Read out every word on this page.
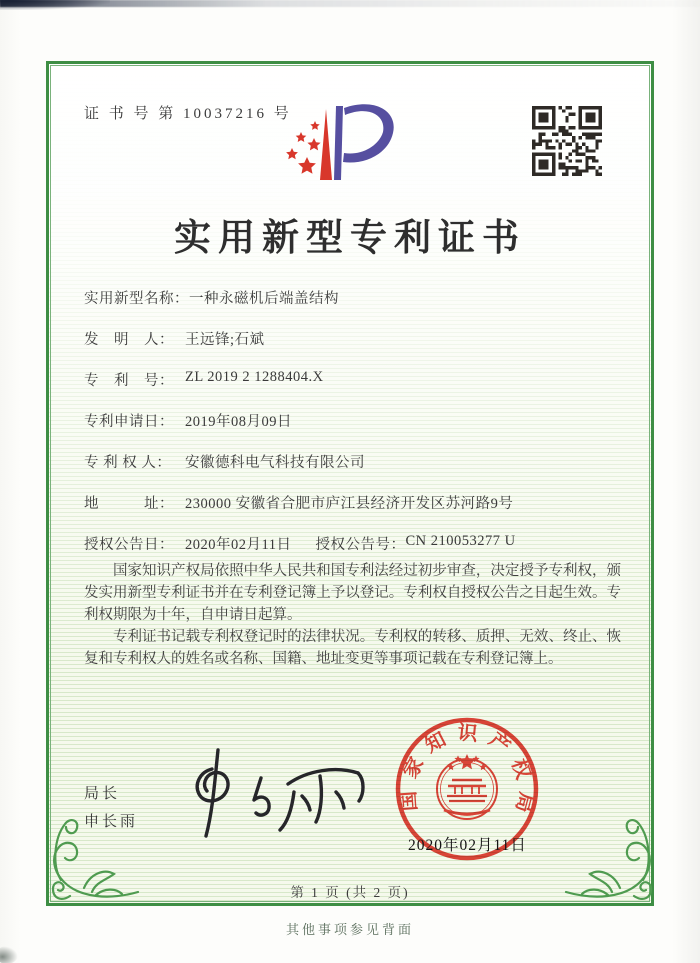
证 书 号 第 10037216 号
实用新型专利证书
实用新型名称： 一种永磁机后端盖结构
发　明　人： 王远锋;石斌
专　利　号： ZL 2019 2 1288404.X
专利申请日： 2019年08月09日
专 利 权 人： 安徽德科电气科技有限公司
地　　　址： 230000 安徽省合肥市庐江县经济开发区苏河路9号
授权公告日： 2020年02月11日 授权公告号： CN 210053277 U

国家知识产权局依照中华人民共和国专利法经过初步审查，决定授予专利权，颁发实用新型专利证书并在专利登记簿上予以登记。专利权自授权公告之日起生效。专利权期限为十年，自申请日起算。

专利证书记载专利权登记时的法律状况。专利权的转移、质押、无效、终止、恢复和专利权人的姓名或名称、国籍、地址变更等事项记载在专利登记簿上。

局长
申长雨
国家知识产权局
2020年02月11日
第 1 页 (共 2 页)
其他事项参见背面
